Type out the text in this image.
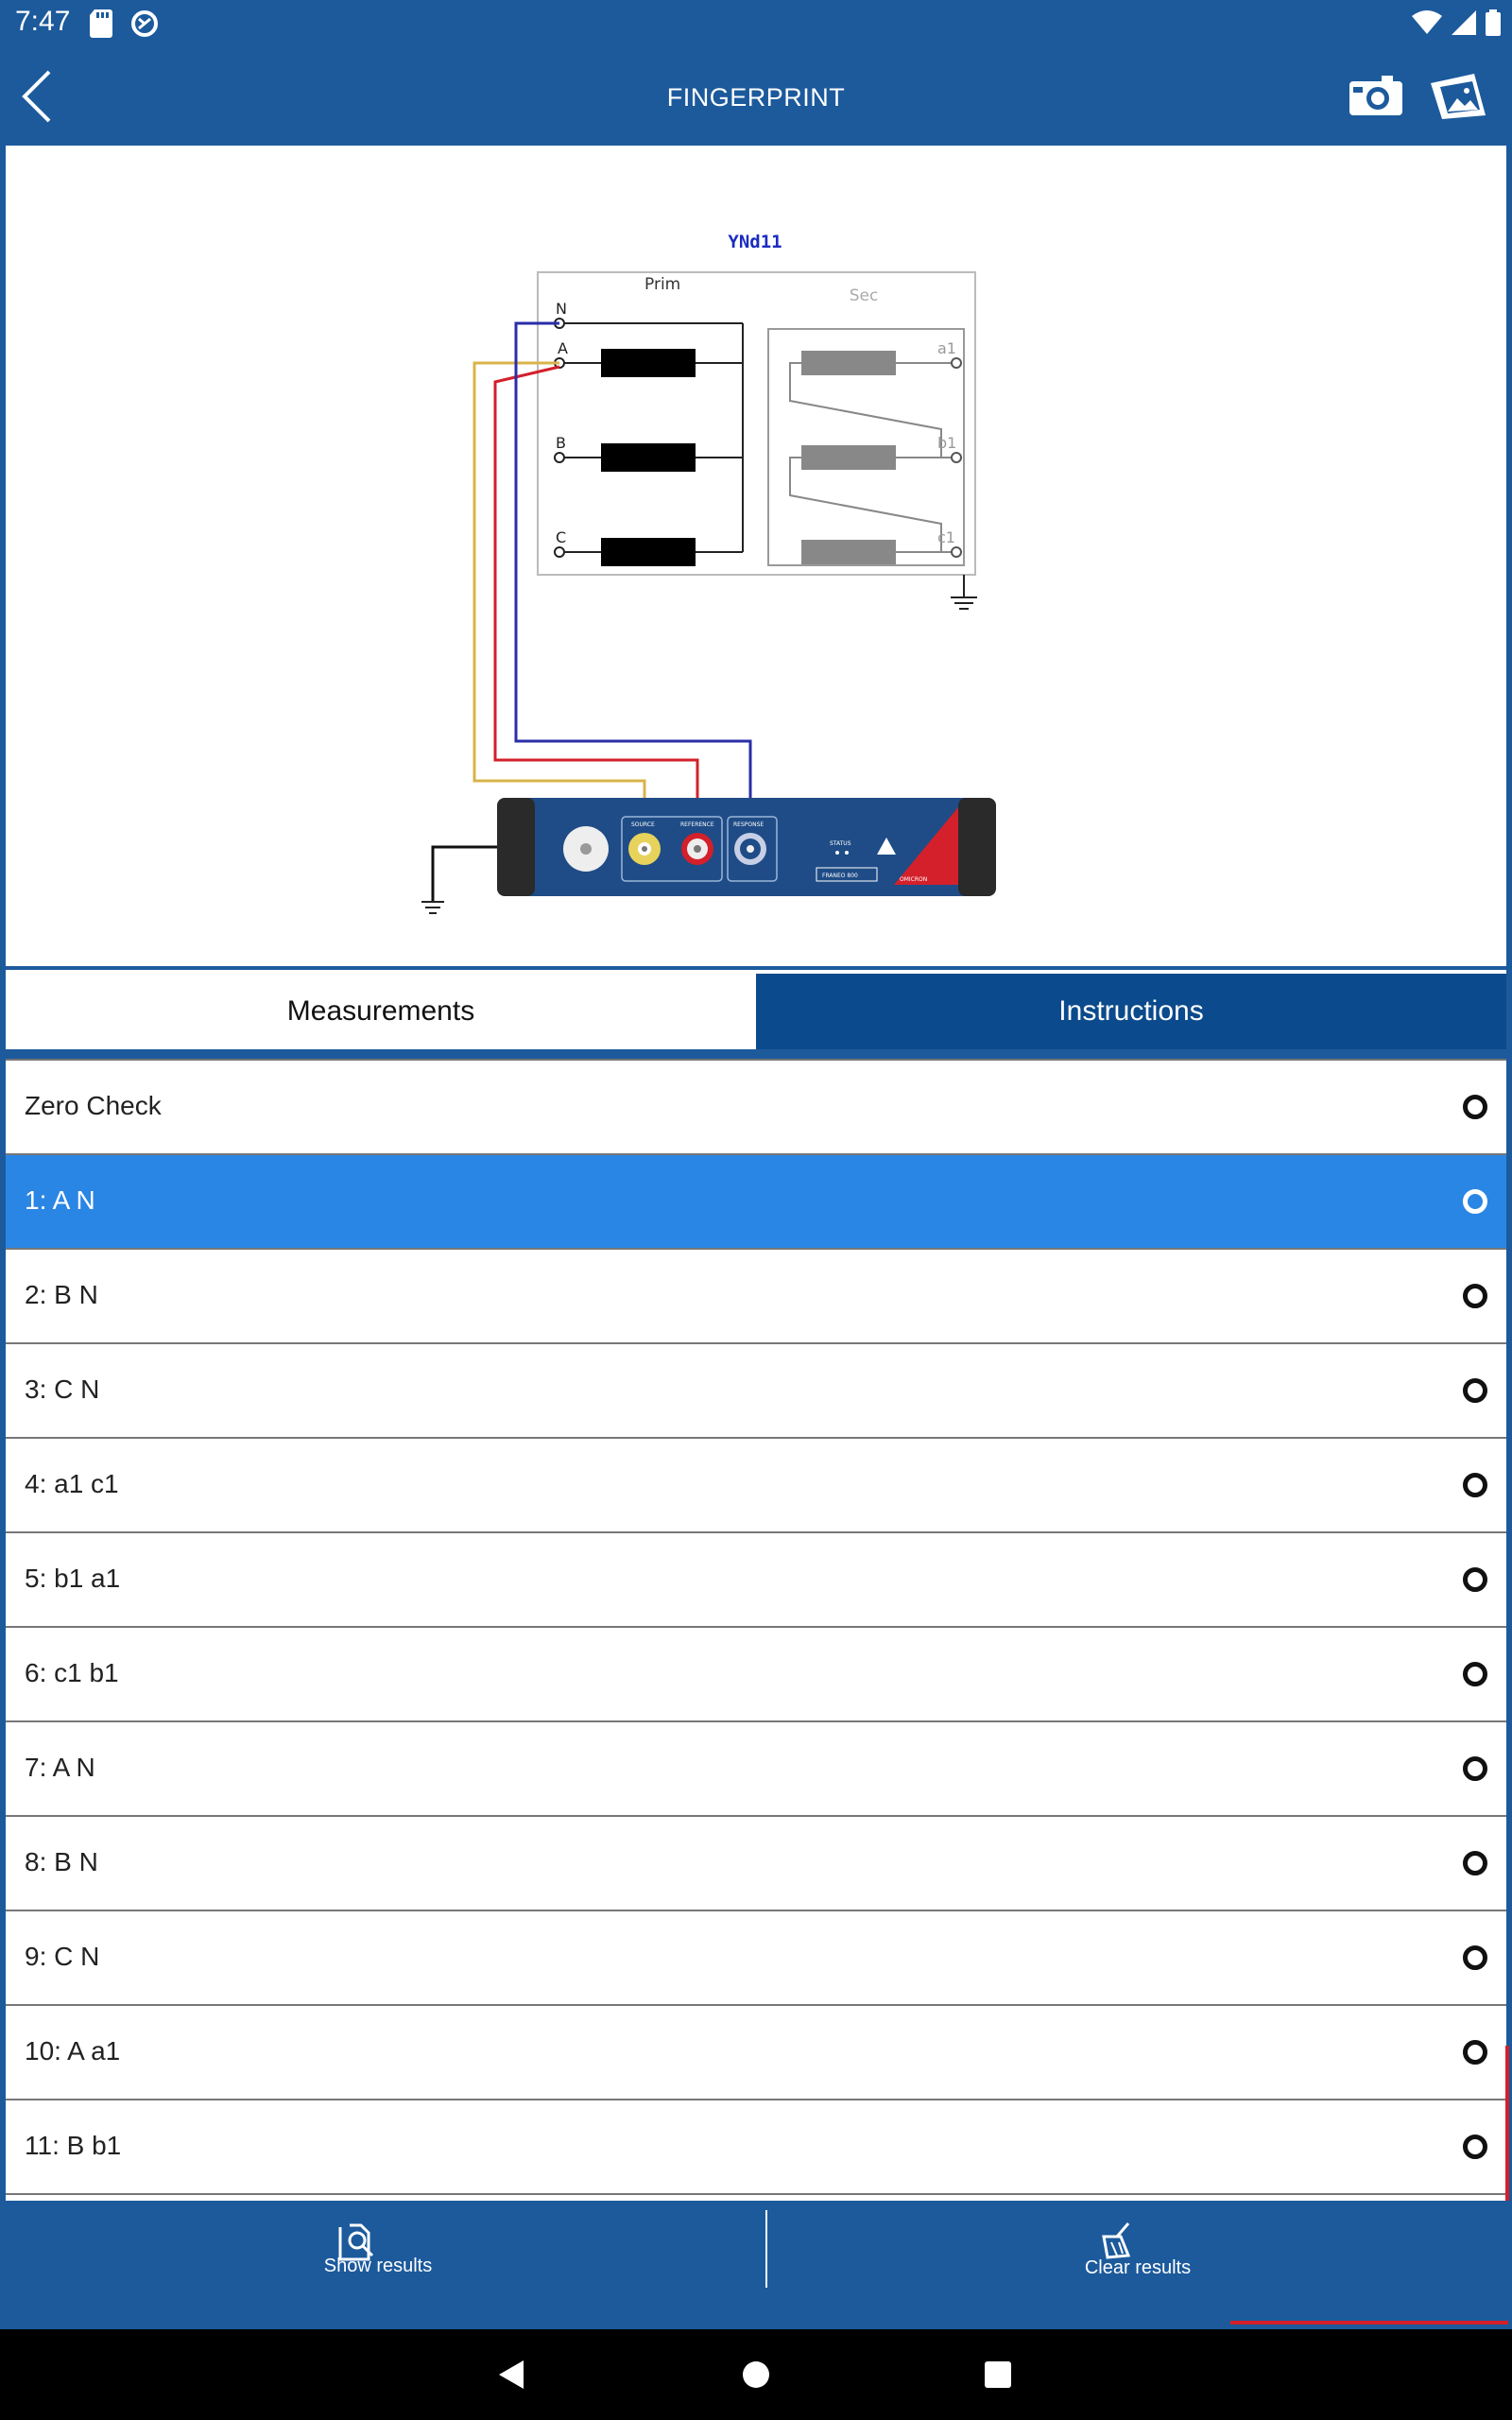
7:47
FINGERPRINT
YNd11
Prim
Sec
N
A
B
C
a1
b1
c1
SOURCE	REFERENCE	RESPONSE
STATUS
FRANEO 800
OMICRON
Measurements	Instructions
Zero Check
1: A N
2: B N
3: C N
4: a1 c1
5: b1 a1
6: c1 b1
7: A N
8: B N
9: C N
10: A a1
11: B b1
Show results	Clear results
